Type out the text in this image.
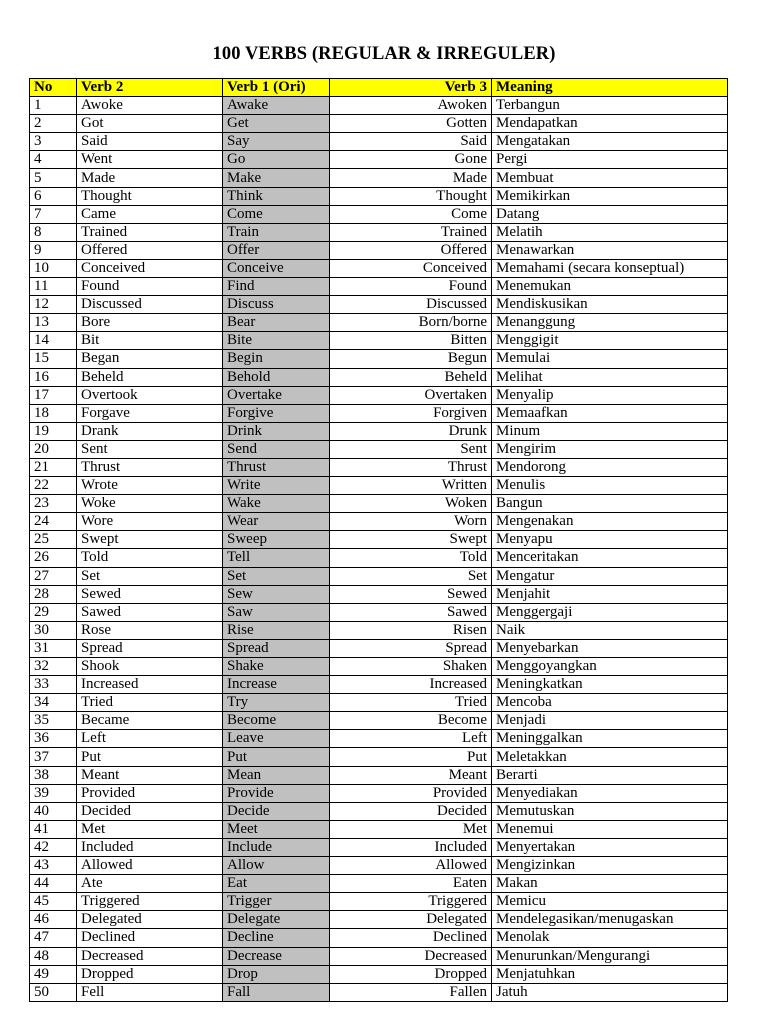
100 VERBS (REGULAR & IRREGULER)
No	Verb 2	Verb 1 (Ori)	Verb 3	Meaning
1	Awoke	Awake	Awoken	Terbangun
2	Got	Get	Gotten	Mendapatkan
3	Said	Say	Said	Mengatakan
4	Went	Go	Gone	Pergi
5	Made	Make	Made	Membuat
6	Thought	Think	Thought	Memikirkan
7	Came	Come	Come	Datang
8	Trained	Train	Trained	Melatih
9	Offered	Offer	Offered	Menawarkan
10	Conceived	Conceive	Conceived	Memahami (secara konseptual)
11	Found	Find	Found	Menemukan
12	Discussed	Discuss	Discussed	Mendiskusikan
13	Bore	Bear	Born/borne	Menanggung
14	Bit	Bite	Bitten	Menggigit
15	Began	Begin	Begun	Memulai
16	Beheld	Behold	Beheld	Melihat
17	Overtook	Overtake	Overtaken	Menyalip
18	Forgave	Forgive	Forgiven	Memaafkan
19	Drank	Drink	Drunk	Minum
20	Sent	Send	Sent	Mengirim
21	Thrust	Thrust	Thrust	Mendorong
22	Wrote	Write	Written	Menulis
23	Woke	Wake	Woken	Bangun
24	Wore	Wear	Worn	Mengenakan
25	Swept	Sweep	Swept	Menyapu
26	Told	Tell	Told	Menceritakan
27	Set	Set	Set	Mengatur
28	Sewed	Sew	Sewed	Menjahit
29	Sawed	Saw	Sawed	Menggergaji
30	Rose	Rise	Risen	Naik
31	Spread	Spread	Spread	Menyebarkan
32	Shook	Shake	Shaken	Menggoyangkan
33	Increased	Increase	Increased	Meningkatkan
34	Tried	Try	Tried	Mencoba
35	Became	Become	Become	Menjadi
36	Left	Leave	Left	Meninggalkan
37	Put	Put	Put	Meletakkan
38	Meant	Mean	Meant	Berarti
39	Provided	Provide	Provided	Menyediakan
40	Decided	Decide	Decided	Memutuskan
41	Met	Meet	Met	Menemui
42	Included	Include	Included	Menyertakan
43	Allowed	Allow	Allowed	Mengizinkan
44	Ate	Eat	Eaten	Makan
45	Triggered	Trigger	Triggered	Memicu
46	Delegated	Delegate	Delegated	Mendelegasikan/menugaskan
47	Declined	Decline	Declined	Menolak
48	Decreased	Decrease	Decreased	Menurunkan/Mengurangi
49	Dropped	Drop	Dropped	Menjatuhkan
50	Fell	Fall	Fallen	Jatuh
